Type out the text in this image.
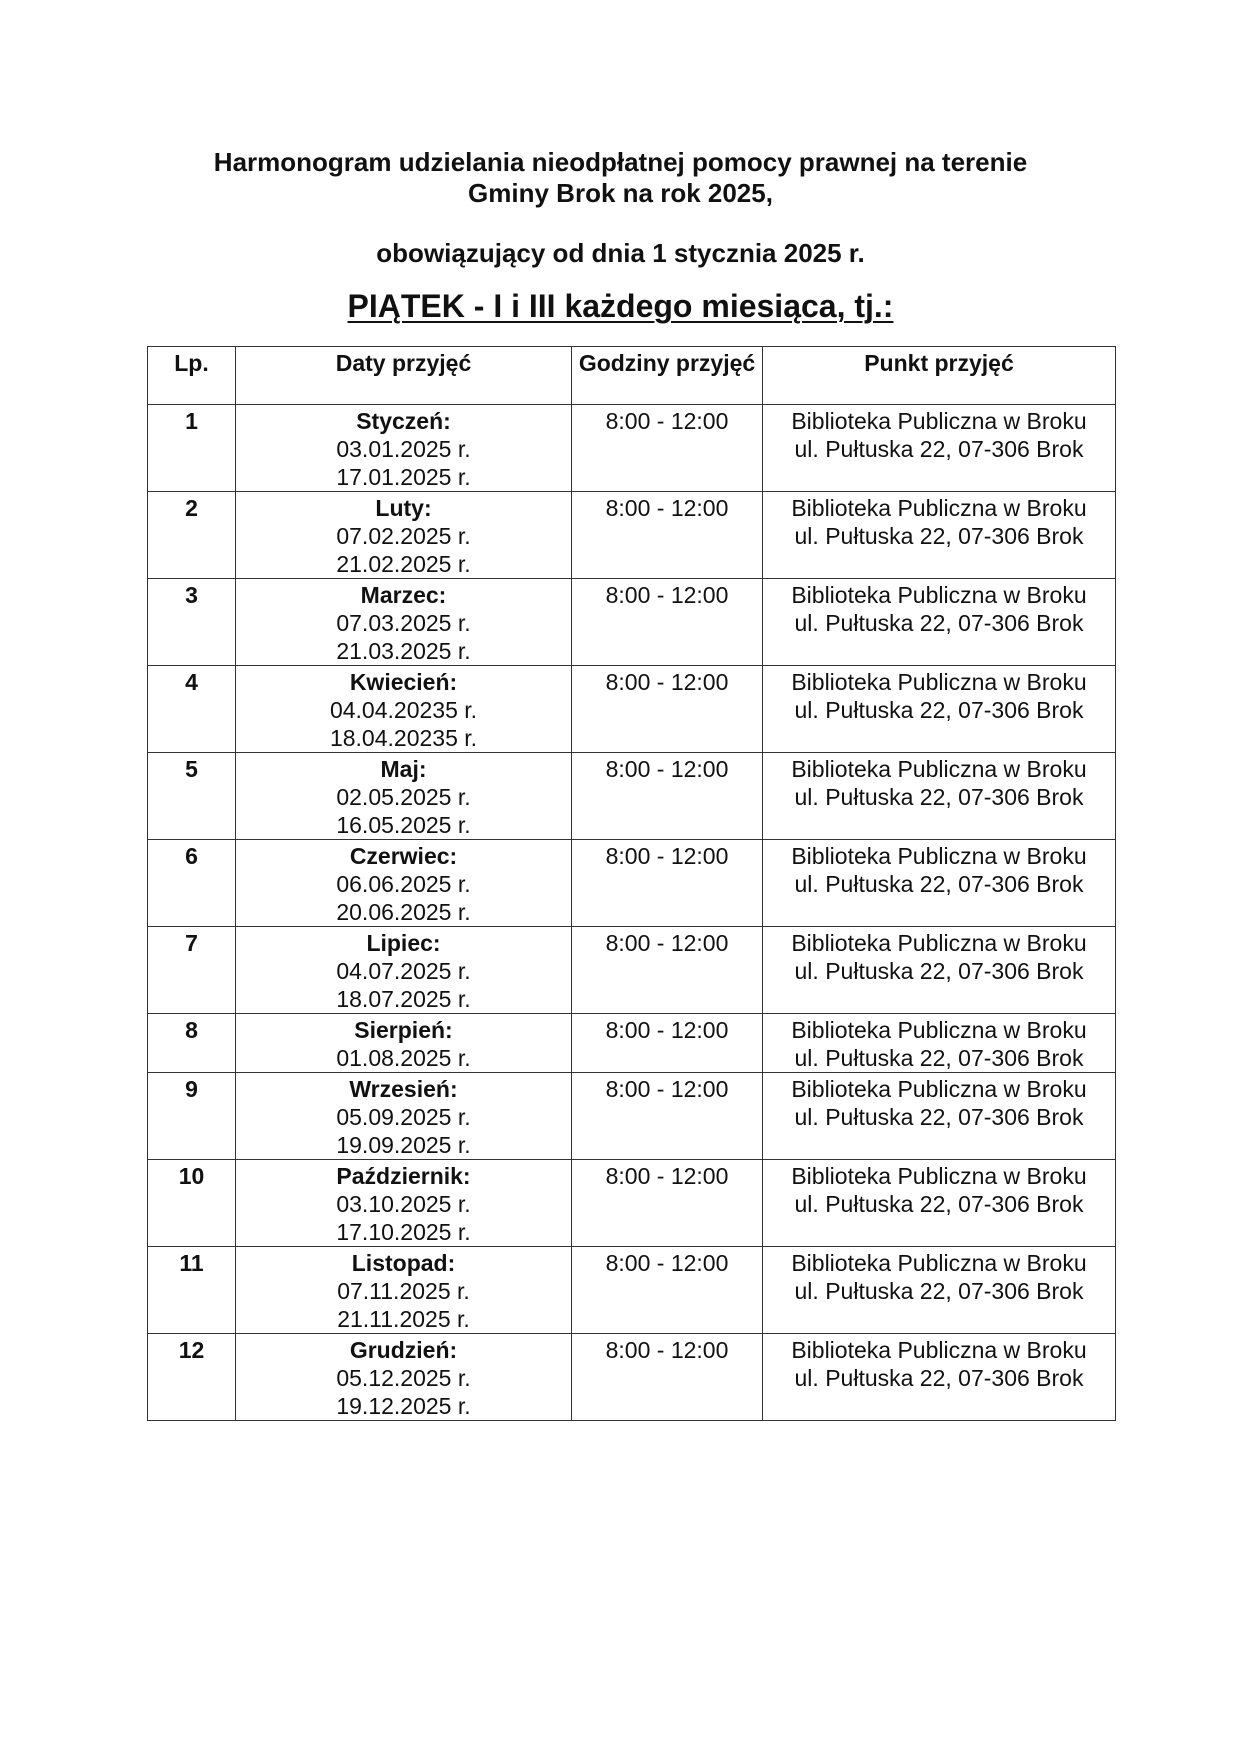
Harmonogram udzielania nieodpłatnej pomocy prawnej na terenie
Gminy Brok na rok 2025,
obowiązujący od dnia 1 stycznia 2025 r.
PIĄTEK - I i III każdego miesiąca, tj.:
Lp.	Daty przyjęć	Godziny przyjęć	Punkt przyjęć
1	Styczeń:
03.01.2025 r.
17.01.2025 r.	8:00 - 12:00	Biblioteka Publiczna w Broku
ul. Pułtuska 22, 07-306 Brok

2	Luty:
07.02.2025 r.
21.02.2025 r.	8:00 - 12:00	Biblioteka Publiczna w Broku
ul. Pułtuska 22, 07-306 Brok

3	Marzec:
07.03.2025 r.
21.03.2025 r.	8:00 - 12:00	Biblioteka Publiczna w Broku
ul. Pułtuska 22, 07-306 Brok

4	Kwiecień:
04.04.20235 r.
18.04.20235 r.	8:00 - 12:00	Biblioteka Publiczna w Broku
ul. Pułtuska 22, 07-306 Brok

5	Maj:
02.05.2025 r.
16.05.2025 r.	8:00 - 12:00	Biblioteka Publiczna w Broku
ul. Pułtuska 22, 07-306 Brok

6	Czerwiec:
06.06.2025 r.
20.06.2025 r.	8:00 - 12:00	Biblioteka Publiczna w Broku
ul. Pułtuska 22, 07-306 Brok

7	Lipiec:
04.07.2025 r.
18.07.2025 r.	8:00 - 12:00	Biblioteka Publiczna w Broku
ul. Pułtuska 22, 07-306 Brok

8	Sierpień:
01.08.2025 r.	8:00 - 12:00	Biblioteka Publiczna w Broku
ul. Pułtuska 22, 07-306 Brok

9	Wrzesień:
05.09.2025 r.
19.09.2025 r.	8:00 - 12:00	Biblioteka Publiczna w Broku
ul. Pułtuska 22, 07-306 Brok

10	Październik:
03.10.2025 r.
17.10.2025 r.	8:00 - 12:00	Biblioteka Publiczna w Broku
ul. Pułtuska 22, 07-306 Brok

11	Listopad:
07.11.2025 r.
21.11.2025 r.	8:00 - 12:00	Biblioteka Publiczna w Broku
ul. Pułtuska 22, 07-306 Brok

12	Grudzień:
05.12.2025 r.
19.12.2025 r.	8:00 - 12:00	Biblioteka Publiczna w Broku
ul. Pułtuska 22, 07-306 Brok
